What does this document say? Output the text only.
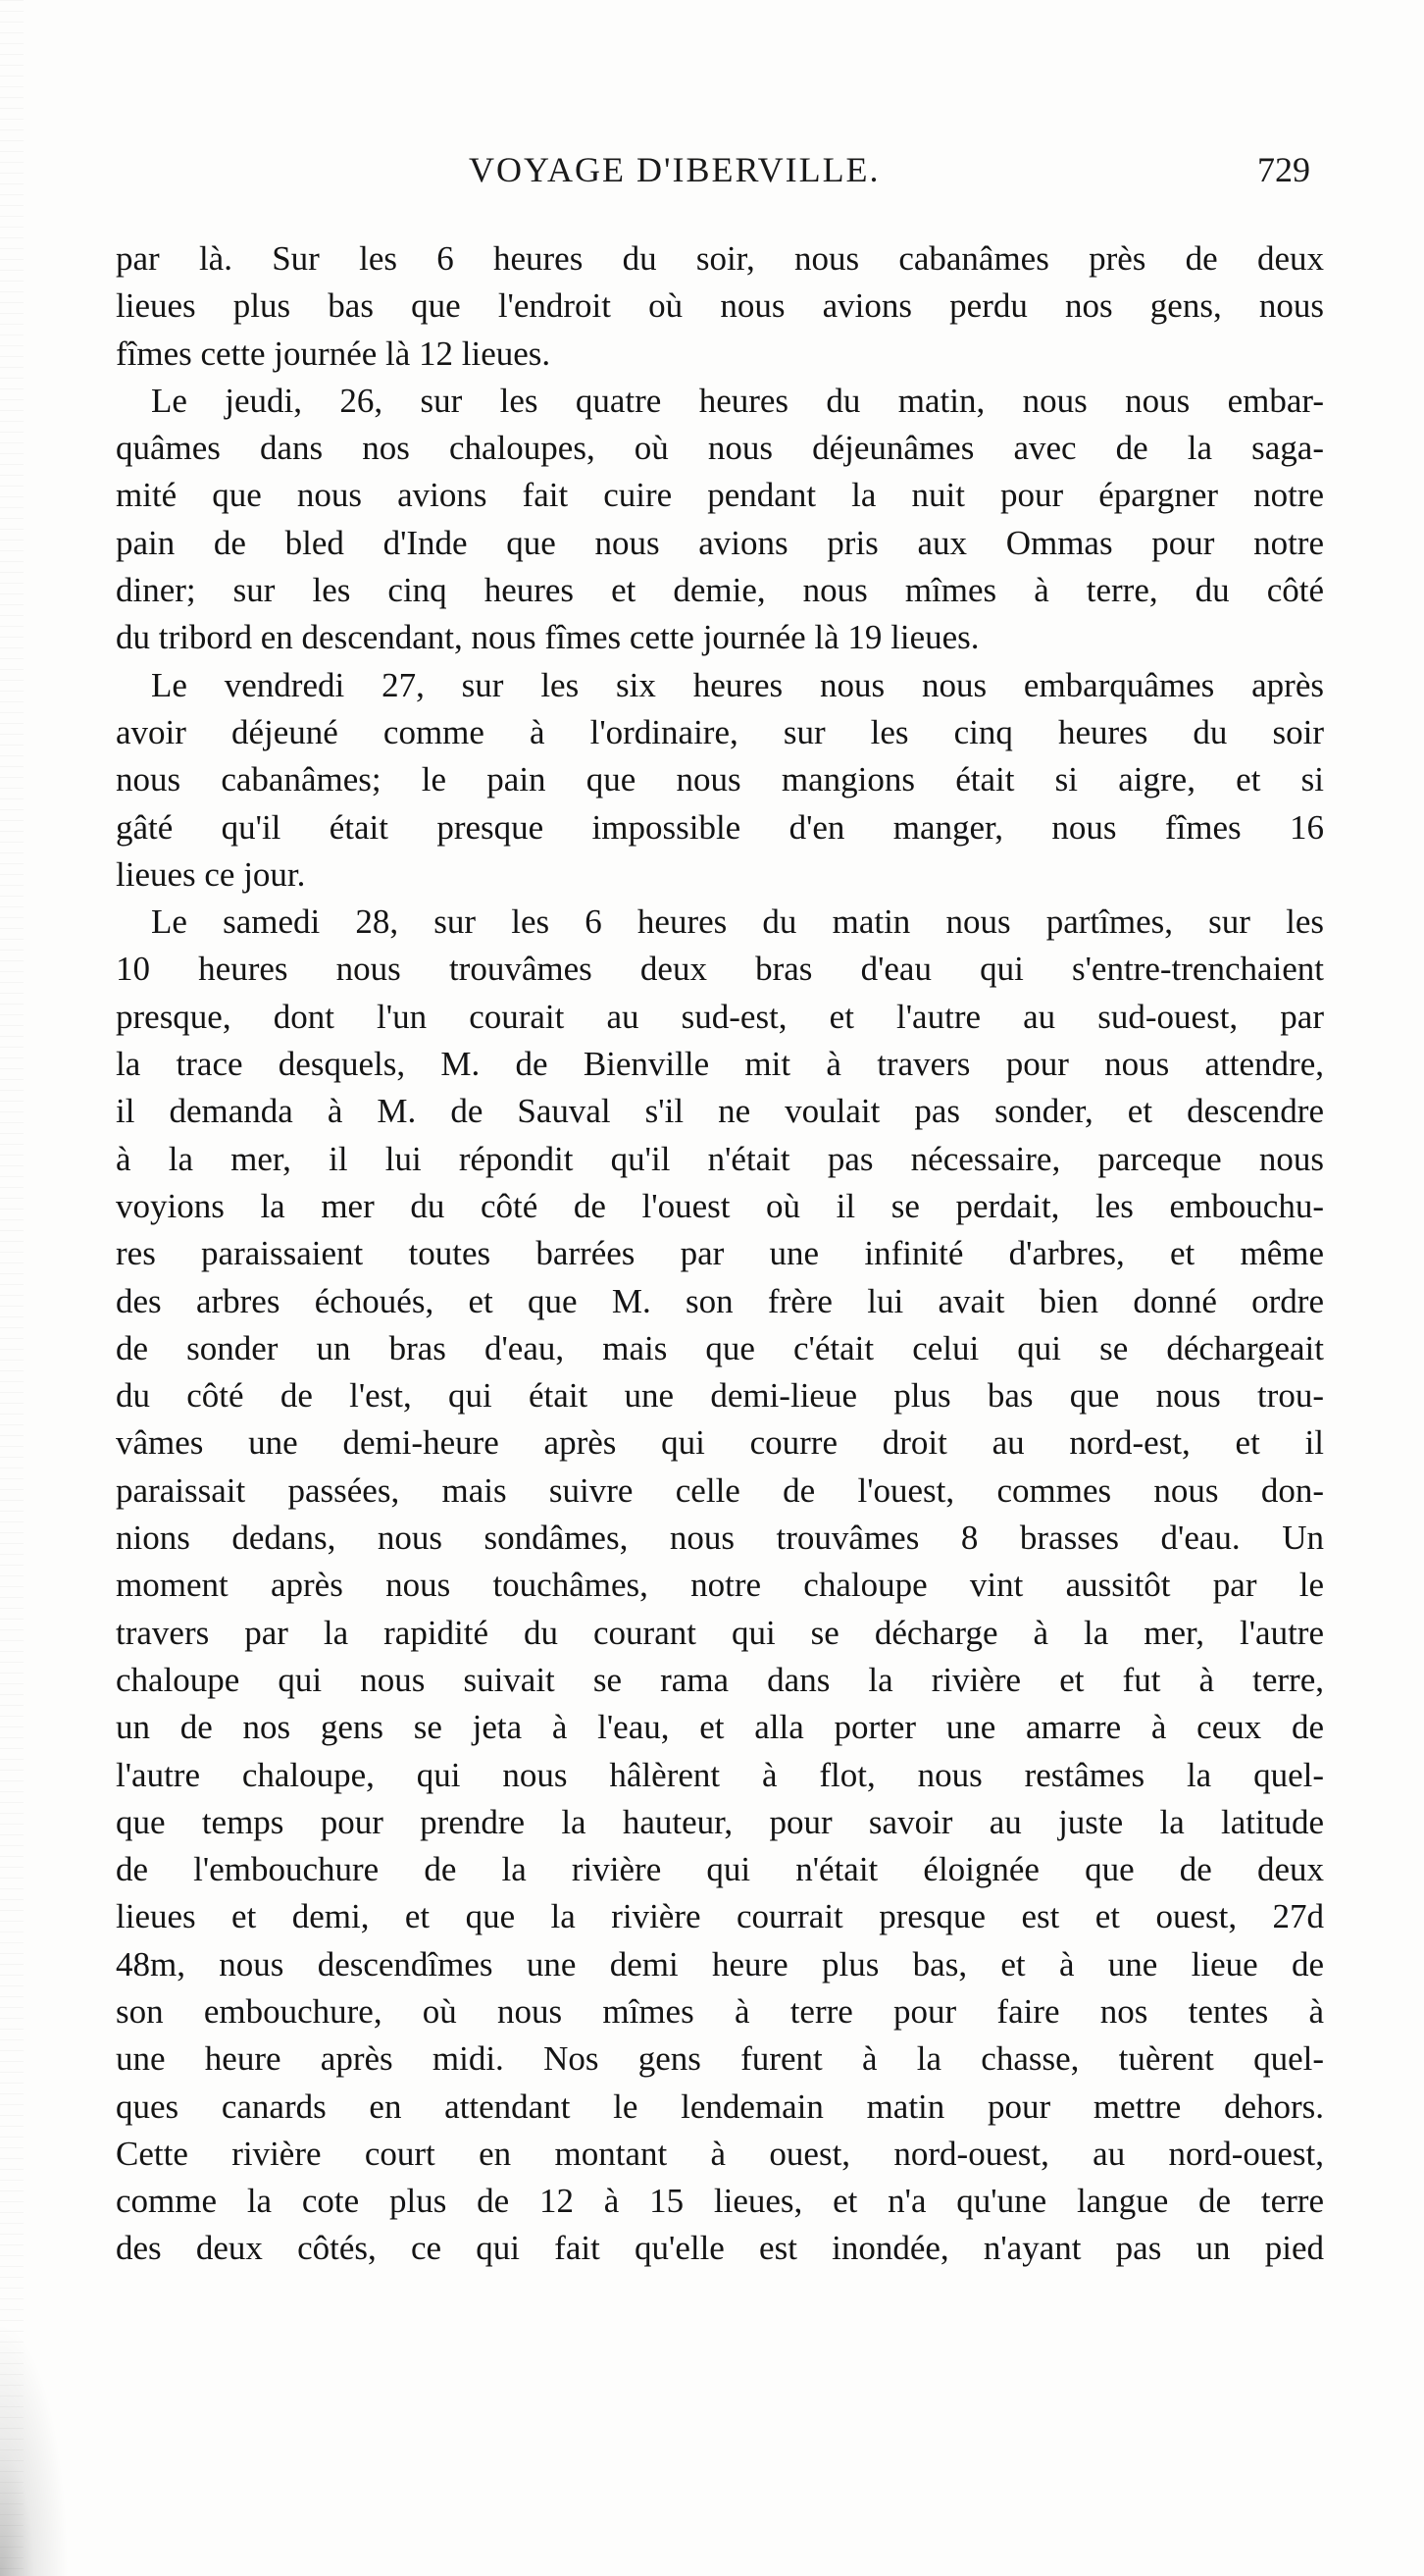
VOYAGE D'IBERVILLE.	729
par là. Sur les 6 heures du soir, nous cabanâmes près de deux
lieues plus bas que l'endroit où nous avions perdu nos gens, nous
fîmes cette journée là 12 lieues.
Le jeudi, 26, sur les quatre heures du matin, nous nous embar-
quâmes dans nos chaloupes, où nous déjeunâmes avec de la saga-
mité que nous avions fait cuire pendant la nuit pour épargner notre
pain de bled d'Inde que nous avions pris aux Ommas pour notre
diner; sur les cinq heures et demie, nous mîmes à terre, du côté
du tribord en descendant, nous fîmes cette journée là 19 lieues.
Le vendredi 27, sur les six heures nous nous embarquâmes après
avoir déjeuné comme à l'ordinaire, sur les cinq heures du soir
nous cabanâmes; le pain que nous mangions était si aigre, et si
gâté qu'il était presque impossible d'en manger, nous fîmes 16
lieues ce jour.
Le samedi 28, sur les 6 heures du matin nous partîmes, sur les
10 heures nous trouvâmes deux bras d'eau qui s'entre-trenchaient
presque, dont l'un courait au sud-est, et l'autre au sud-ouest, par
la trace desquels, M. de Bienville mit à travers pour nous attendre,
il demanda à M. de Sauval s'il ne voulait pas sonder, et descendre
à la mer, il lui répondit qu'il n'était pas nécessaire, parceque nous
voyions la mer du côté de l'ouest où il se perdait, les embouchu-
res paraissaient toutes barrées par une infinité d'arbres, et même
des arbres échoués, et que M. son frère lui avait bien donné ordre
de sonder un bras d'eau, mais que c'était celui qui se déchargeait
du côté de l'est, qui était une demi-lieue plus bas que nous trou-
vâmes une demi-heure après qui courre droit au nord-est, et il
paraissait passées, mais suivre celle de l'ouest, commes nous don-
nions dedans, nous sondâmes, nous trouvâmes 8 brasses d'eau. Un
moment après nous touchâmes, notre chaloupe vint aussitôt par le
travers par la rapidité du courant qui se décharge à la mer, l'autre
chaloupe qui nous suivait se rama dans la rivière et fut à terre,
un de nos gens se jeta à l'eau, et alla porter une amarre à ceux de
l'autre chaloupe, qui nous hâlèrent à flot, nous restâmes la quel-
que temps pour prendre la hauteur, pour savoir au juste la latitude
de l'embouchure de la rivière qui n'était éloignée que de deux
lieues et demi, et que la rivière courrait presque est et ouest, 27d
48m, nous descendîmes une demi heure plus bas, et à une lieue de
son embouchure, où nous mîmes à terre pour faire nos tentes à
une heure après midi. Nos gens furent à la chasse, tuèrent quel-
ques canards en attendant le lendemain matin pour mettre dehors.
Cette rivière court en montant à ouest, nord-ouest, au nord-ouest,
comme la cote plus de 12 à 15 lieues, et n'a qu'une langue de terre
des deux côtés, ce qui fait qu'elle est inondée, n'ayant pas un pied
